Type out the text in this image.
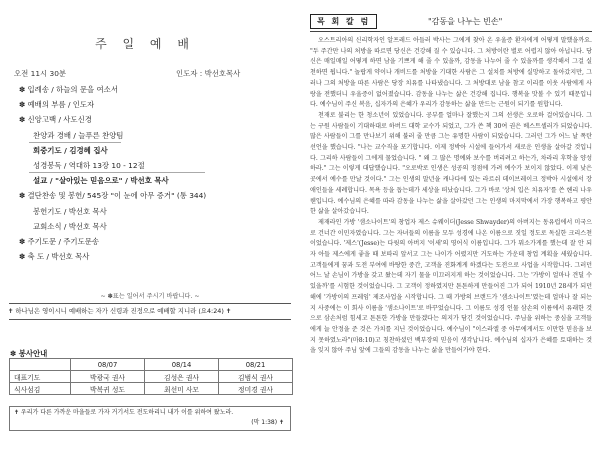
주 일 예 배
오전 11시 30분	인도자 : 박선호목사
✽ 입례송 / 하늘의 문을 여소서
✽ 예배의 부름 / 인도자
✽ 신앙고백 / 사도신경
찬양과 경배 / 늘푸른 찬양팀
회중기도 / 김경혜 집사
성경봉독 / 역대하 13장 10 - 12절
설교 / "살아있는 믿음으로" / 박선호 목사
✽ 결단찬송 및 봉헌/ 545장 "이 눈에 아무 증거" (통 344)
봉헌기도 / 박선호 목사
교회소식 / 박선호 목사
✽ 주기도문 / 주기도문송
✽ 축 도 / 박선호 목사
~ ✽표는 일어서 주시기 바랍니다. ~
✝ 하나님은 영이시니 예배하는 자가 신령과 진정으로 예배할 지니라 (요4:24) ✝
✽ 봉사안내
	08/07	08/14	08/21
대표기도	박광국 권사	김성은 권사	김범식 권사
식사섬김	박복귀 성도	최선미 사모	정미경 권사
✝ 우리가 다른 가까운 마을들로 가자 거기서도 전도하리니 내가 이를 위하여 왔노라.
(막 1:38) ✝
목 회 칼 럼	"감동을 나누는 빈손"

오스트리아의 신리학자인 알프레드 아들러 박사는 그에게 찾아 온 우울증 환자에게 어떻게 말했을까요. "두 주간만 나의 처방을 따르면 당신은 건강해 질 수 있습니다. 그 처방이란 별로 어렵지 않아 아닙니다. 당신은 매일매일 어떻게 하면 남을 기쁘게 해 줄 수 있을까, 감동을 나누어 줄 수 있을까를 생각해서 그걸 실천하면 됩니다." 놀랍게 약이나 개비드를 처방을 기대한 사람은 그 설치를 처방에 실망하고 돌아갔지만, 그러나 그의 처방을 따른 사람은 당장 치유를 나타냈습니다. 그 처방대로 남을 참고 이리를 이웃 사람에게 사랑을 전했더니 우울증이 없어졌습니다. 감동을 나누는 삶은 건강해 집니다. 행복을 맛볼 수 있기 때문입니다. 예수님이 주신 복음, 십자가의 은혜가 우리가 감동하는 삶을 만드는 근원이 되기를 원합니다.

천재로 불리는 한 청소년이 있었습니다. 공부를 얼마나 잘했는지 그의 선생은 오로하 걸어있습니다. 그는 구원 사람들이 기대하대로 하버드 대학 교수가 되었고, 그가 쓴 책 30여 권은 베스트셀러가 되었습니다. 많은 사람들이 그를 만나보기 위해 불러 줄 만큼 그는 유명한 사람이 되었습니다. 그러던 그가 어느 날 폭탄선언을 했습니다. "나는 교수직을 포기합니다. 이제 정박아 시설에 들어가서 새로운 인생을 살아갈 것입니다. 그리하 사람들이 그에게 물었습니다. " 왜 그 많은 명예와 보수를 버리려고 하는가, 차라리 후학을 양성하라." 그는 이렇게 대답했습니다. "오로박로 인생은 성공의 정점에 가려 예수가 보이지 않았다. 이제 낮은 곳에서 예수를 만날 것이다." 그는 인생의 말년을 캐나다에 있는 라르쉬 데이브레이크 정박아 시설에서 장애인들을 세례합니다. 목욕 등을 돕는데가 세상을 떠났습니다. 그가 바로 '상처 입은 치유자'를 쓴 헨리 나우웬입니다. 예수님의 은혜를 따라 감동을 나누는 삶을 살아갔던 그는 인생의 마지막에서 가장 행복하고 평안한 삶을 살아갔습니다.

제재라인 가방 '샘소나이트'의 창업자 제스 슈웨이더(Jesse Shwayder)의 아버지는 동유럽에서 미국으로 건너간 이민자였습니다. 그는 자녀들의 이름을 모두 성경에 나온 이름으로 짓일 정도로 독실한 크리스천이었습니다. '제스'(Jesse)는 다윗의 아버지 '이새'의 영어식 이름입니다. 그가 뭐소가게를 했는데 잘 안 되자 아들 제스에게 좋을 때 보따리 앞서고 그는 나이가 어렸지만 거도하는 가운데 창업 계획을 세웠습니다. 고객들에게 꿈과 도전 부여에 바탕한 중간, 고객을 진화계게 하겠다는 도전으로 사업을 시작합니다. 그러던 어느 날 손님이 가방을 갖고 왔는데 자기 물을 미끄러지게 하는 것이었습니다. 그는 '가방이 얼마나 견딜 수 있을까'를 시험한 것이었습니다. 그 고객이 정하였지만 튼튼하게 만들어진 그가 되어 1910년 28세가 되던 해에 '가방이의 프레임' 제조사업을 시작합니다. 그 때 가방의 브랜드가 '샘소나이트'였는데 얼마나 잘 되는지 사중에는 이 회사 이름을 '샘소나이트'로 바꾸었습니다. 그 이름도 성경 인물 삼손의 이름에서 유래한 것으로 삼손처럼 힘세고 튼튼한 가방을 만들겠다는 의지가 담긴 것이었습니다. 주님을 위하는 중심을 고객들에게 늘 안정을 준 것은 가치를 지닌 것이었습니다. 예수님이 "이스라엘 중 아무에게서도 이만한 믿음을 보지 못하였노라"(마8:10)고 칭찬하셨던 백부장의 믿음이 생각납니다. 예수님의 십자가 은혜를 토대하는 것을 잊지 않아 주님 앞에 그들의 감동을 나누는 삶을 만들어가야 한다.
